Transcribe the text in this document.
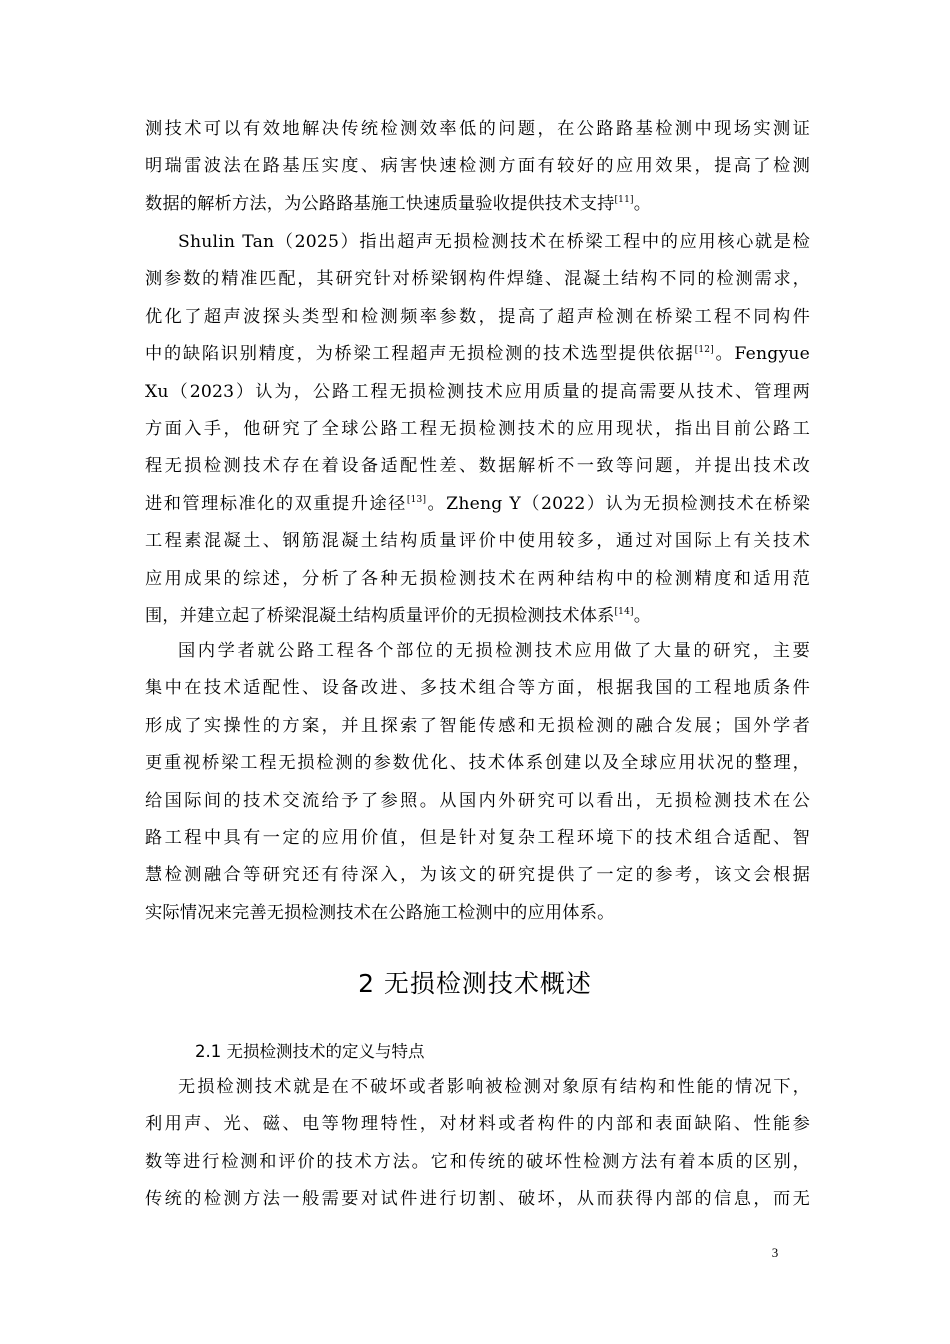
测技术可以有效地解决传统检测效率低的问题，在公路路基检测中现场实测证
明瑞雷波法在路基压实度、病害快速检测方面有较好的应用效果，提高了检测
数据的解析方法，为公路路基施工快速质量验收提供技术支持[11]。
Shulin Tan（2025）指出超声无损检测技术在桥梁工程中的应用核心就是检
测参数的精准匹配，其研究针对桥梁钢构件焊缝、混凝土结构不同的检测需求，
优化了超声波探头类型和检测频率参数，提高了超声检测在桥梁工程不同构件
中的缺陷识别精度，为桥梁工程超声无损检测的技术选型提供依据[12]。Fengyue
Xu（2023）认为，公路工程无损检测技术应用质量的提高需要从技术、管理两
方面入手，他研究了全球公路工程无损检测技术的应用现状，指出目前公路工
程无损检测技术存在着设备适配性差、数据解析不一致等问题，并提出技术改
进和管理标准化的双重提升途径[13]。Zheng Y（2022）认为无损检测技术在桥梁
工程素混凝土、钢筋混凝土结构质量评价中使用较多，通过对国际上有关技术
应用成果的综述，分析了各种无损检测技术在两种结构中的检测精度和适用范
围，并建立起了桥梁混凝土结构质量评价的无损检测技术体系[14]。
国内学者就公路工程各个部位的无损检测技术应用做了大量的研究，主要
集中在技术适配性、设备改进、多技术组合等方面，根据我国的工程地质条件
形成了实操性的方案，并且探索了智能传感和无损检测的融合发展；国外学者
更重视桥梁工程无损检测的参数优化、技术体系创建以及全球应用状况的整理，
给国际间的技术交流给予了参照。从国内外研究可以看出，无损检测技术在公
路工程中具有一定的应用价值，但是针对复杂工程环境下的技术组合适配、智
慧检测融合等研究还有待深入，为该文的研究提供了一定的参考，该文会根据
实际情况来完善无损检测技术在公路施工检测中的应用体系。
2 无损检测技术概述
2.1 无损检测技术的定义与特点
无损检测技术就是在不破坏或者影响被检测对象原有结构和性能的情况下，
利用声、光、磁、电等物理特性，对材料或者构件的内部和表面缺陷、性能参
数等进行检测和评价的技术方法。它和传统的破坏性检测方法有着本质的区别，
传统的检测方法一般需要对试件进行切割、破坏，从而获得内部的信息，而无
3
